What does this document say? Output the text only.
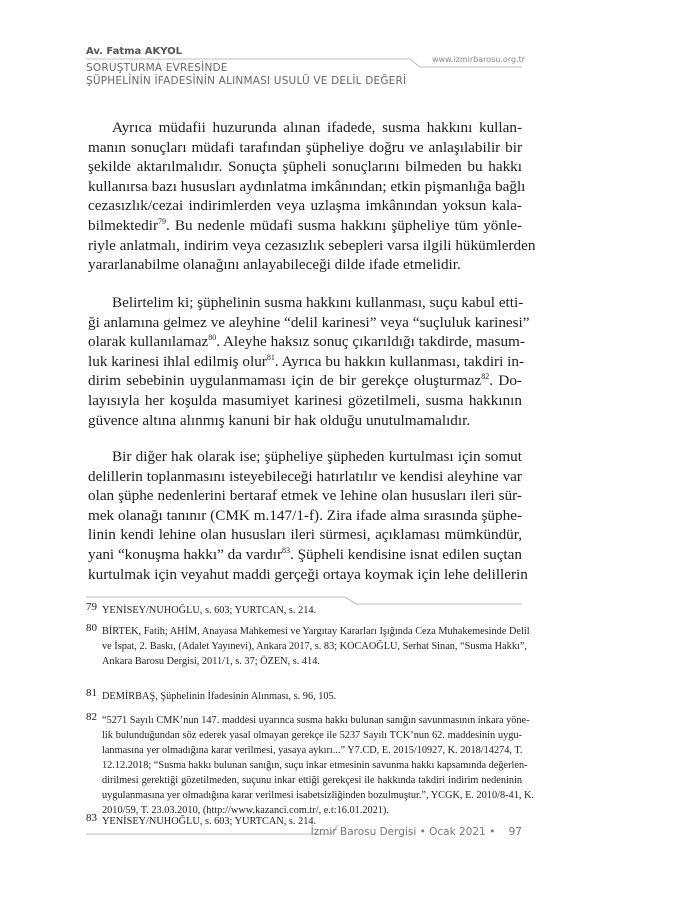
Av. Fatma AKYOL
SORUŞTURMA EVRESİNDE
ŞÜPHELİNİN İFADESİNİN ALINMASI USULÜ VE DELİL DEĞERİ
www.izmirbarosu.org.tr
Ayrıca müdafii huzurunda alınan ifadede, susma hakkını kullan-
manın sonuçları müdafi tarafından şüpheliye doğru ve anlaşılabilir bir
şekilde aktarılmalıdır. Sonuçta şüpheli sonuçlarını bilmeden bu hakkı
kullanırsa bazı hususları aydınlatma imkânından; etkin pişmanlığa bağlı
cezasızlık/cezai indirimlerden veya uzlaşma imkânından yoksun kala-
bilmektedir$^{79}$. Bu nedenle müdafi susma hakkını şüpheliye tüm yönle-
riyle anlatmalı, indirim veya cezasızlık sebepleri varsa ilgili hükümlerden
yararlanabilme olanağını anlayabileceği dilde ifade etmelidir.
Belirtelim ki; şüphelinin susma hakkını kullanması, suçu kabul etti-
ği anlamına gelmez ve aleyhine “delil karinesi” veya “suçluluk karinesi”
olarak kullanılamaz$^{80}$. Aleyhe haksız sonuç çıkarıldığı takdirde, masum-
luk karinesi ihlal edilmiş olur$^{81}$. Ayrıca bu hakkın kullanması, takdiri in-
dirim sebebinin uygulanmaması için de bir gerekçe oluşturmaz$^{82}$. Do-
layısıyla her koşulda masumiyet karinesi gözetilmeli, susma hakkının
güvence altına alınmış kanuni bir hak olduğu unutulmamalıdır.
Bir diğer hak olarak ise; şüpheliye şüpheden kurtulması için somut
delillerin toplanmasını isteyebileceği hatırlatılır ve kendisi aleyhine var
olan şüphe nedenlerini bertaraf etmek ve lehine olan hususları ileri sür-
mek olanağı tanınır (CMK m.147/1-f). Zira ifade alma sırasında şüphe-
linin kendi lehine olan hususları ileri sürmesi, açıklaması mümkündür,
yani “konuşma hakkı” da vardır$^{83}$. Şüpheli kendisine isnat edilen suçtan
kurtulmak için veyahut maddi gerçeği ortaya koymak için lehe delillerin
79 YENİSEY/NUHOĞLU, s. 603; YURTCAN, s. 214.
80 BİRTEK, Fatih; AHİM, Anayasa Mahkemesi ve Yargıtay Kararları Işığında Ceza Muhakemesinde Delil
ve İspat, 2. Baskı, (Adalet Yayınevi), Ankara 2017, s. 83; KOCAOĞLU, Serhat Sinan, “Susma Hakkı”,
Ankara Barosu Dergisi, 2011/1, s. 37; ÖZEN, s. 414.
81 DEMİRBAŞ, Şüphelinin İfadesinin Alınması, s. 96, 105.
82 “5271 Sayılı CMK’nun 147. maddesi uyarınca susma hakkı bulunan sanığın savunmasının inkara yöne-
lik bulunduğundan söz ederek yasal olmayan gerekçe ile 5237 Sayılı TCK’nun 62. maddesinin uygu-
lanmasına yer olmadığına karar verilmesi, yasaya aykırı...” Y7.CD, E. 2015/10927, K. 2018/14274, T.
12.12.2018; “Susma hakkı bulunan sanığın, suçu inkar etmesinin savunma hakkı kapsamında değerlen-
dirilmesi gerektiği gözetilmeden, suçunu inkar ettiği gerekçesi ile hakkında takdiri indirim nedeninin
uygulanmasına yer olmadığına karar verilmesi isabetsizliğinden bozulmuştur.”, YCGK, E. 2010/8-41, K.
2010/59, T. 23.03.2010, (http://www.kazanci.com.tr/, e.t:16.01.2021).
83 YENİSEY/NUHOĞLU, s. 603; YURTCAN, s. 214.
İzmir Barosu Dergisi • Ocak 2021 • 97
